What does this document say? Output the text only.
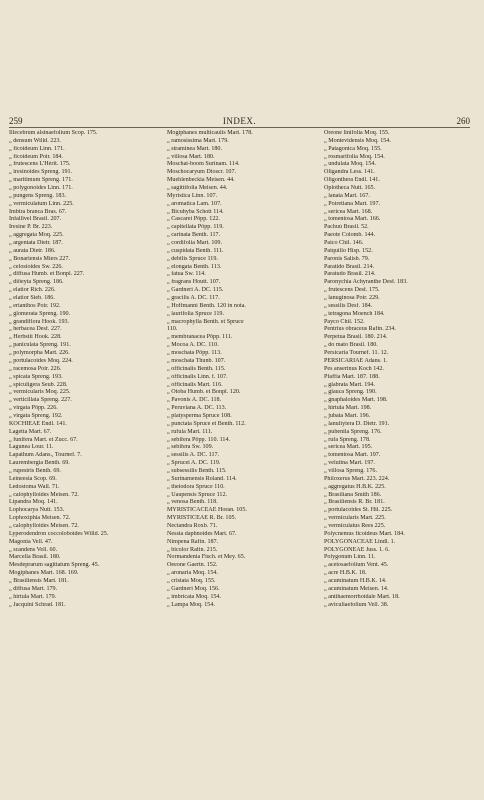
259	INDEX.	260
Illecebrum alsinaefolium Scop. 175.
„ densum Willd. 223.
„ ficoideum Linn. 171.
„ ficoideum Poir. 184.
„ frutescens L'Hérit. 175.
„ iresinoides Spreng. 191.
„ maritimum Spreng. 171.
„ polygonoides Linn. 171.
„ pungens Spreng. 183.
„ vermiculatum Linn. 225.
Imbira branca Bras. 67.
Infallivel Brasil. 207.
Iresine P. Br. 223.
„ aggregata Moq. 225.
„ argentata Dietr. 187.
„ aurata Dietr. 186.
„ Bonariensis Miers 227.
„ celosioides Sw. 226.
„ diffusa Humb. et Bonpl. 227.
„ diöeyta Spreng. 186.
„ elatior Rich. 226.
„ elatior Sieb. 186.
„ erianthos Poir. 192.
„ glomerata Spreng. 190.
„ grandiflora Hook. 193.
„ herbacea Desf. 227.
„ Herbstii Hook. 228.
„ paniculata Spreng. 191.
„ polymorpha Mart. 226.
„ portulacoides Moq. 224.
„ racemosa Poir. 226.
„ spicata Spreng. 193.
„ spiculigera Seub. 228.
„ vermicularis Moq. 225.
„ verticillata Spreng. 227.
„ virgata Pöpp. 226.
„ virgata Spreng. 192.
KOCHIEAE Endl. 141.
Lagetta Mart. 67.
„ funifera Mart. et Zucc. 67.
Lagunea Lour. 11.
Lapathum Adans., Tournef. 7.
Laurembergia Benth. 69.
„ rupestris Benth. 69.
Leineesia Scop. 69.
Ledostoma Wall. 71.
„ calophylloides Meisen. 72.
Lipandra Moq. 141.
Lophocarya Nutt. 153.
Lophoxiphia Meisen. 72.
„ calophylloides Meisen. 72.
Lyperodendron coccoloboides Willd. 25.
Magonia Vell. 47.
„ scandens Vell. 60.
Marcella Brasil. 180.
Mesdeprarum sagittatum Spreng. 45.
Mogiphanes Mart. 168. 169.
„ Brasiliensis Mart. 181.
„ diffusa Mart. 179.
„ hirtula Mart. 179.
„ Jacquini Schrad. 181.
Mogiphanes multicaulis Mart. 178.
„ ramosissima Mart. 179.
„ straminea Mart. 180.
„ villosa Mart. 180.
Moschat-boom Surinam. 114.
Moschocaryum Dioscr. 107.
Muehlenbeckia Meisen. 44.
„ sagittifolia Meisen. 44.
Myristica Linn. 107.
„ aromatica Lam. 107.
„ Bicuhyba Schott 114.
„ Cascarei Pöpp. 122.
„ capitellata Pöpp. 119.
„ carinata Benth. 117.
„ cordifolia Mart. 109.
„ cuspidata Benth. 111.
„ debilis Spruce 119.
„ elongata Benth. 113.
„ fatua Sw. 114.
„ fragrans Houtt. 107.
„ Gardneri A. DC. 115.
„ gracilis A. DC. 117.
„ Hoffmanni Benth. 120 in nota.
„ laurifolia Spruce 119.
„ macrophylla Benth. et Spruce
110.
„ membranacea Pöpp. 111.
„ Mocoa A. DC. 110.
„ moschata Pöpp. 113.
„ moschata Thunb. 107.
„ officinalis Benth. 115.
„ officinalis Linn. f. 107.
„ officinalis Mart. 116.
„ Otoba Humb. et Bonpl. 120.
„ Pavonis A. DC. 118.
„ Peruviana A. DC. 113.
„ platysperma Spruce 108.
„ punctata Spruce et Benth. 112.
„ rufula Mart. 111.
„ sebifera Pöpp. 110. 114.
„ sebifera Sw. 109.
„ sessilis A. DC. 117.
„ Sprucei A. DC. 119.
„ subsessilis Benth. 115.
„ Surinamensis Roland. 114.
„ theiodora Spruce 110.
„ Uaupensis Spruce 112.
„ venosa Benth. 118.
MYRISTICACEAE Horan. 105.
MYRISTICEAE R. Br. 105.
Nectandra Roxb. 71.
Nessia daphnoides Mart. 67.
Nimpena Rafin. 187.
„ bicolor Rafin. 215.
Normandenia Fisch. et Mey. 65.
Oeeone Gaertn. 152.
„ aronaria Moq. 154.
„ cristata Moq. 155.
„ Gardneri Moq. 156.
„ imbricata Moq. 154.
„ Lampa Moq. 154.
Oreone linifolia Moq. 155.
„ Montevidensis Moq. 154.
„ Patagonica Moq. 155.
„ rosmarifolia Moq. 154.
„ undulata Moq. 154.
Oligandra Less. 141.
Oligonthera Endl. 141.
Oplotheca Nutt. 165.
„ lanata Mart. 167.
„ Poiretiana Mart. 197.
„ sericea Mart. 168.
„ tomentosa Mart. 166.
Pachuú Brasil. 52.
Paeote Colomb. 144.
Paico Chil. 146.
Paiquillo Hisp. 152.
Paronis Salisb. 79.
Paratido Brasil. 214.
Paratudo Brasil. 214.
Paronychia Achyranthe Desf. 183.
„ frutescens Desf. 175.
„ lanuginosa Poir. 229.
„ sessilis Desf. 184.
„ tetragona Moench 184.
Payco Chil. 152.
Pentrius obraceus Rafin. 234.
Perpetua Brasil. 180. 214.
„ do mato Brasil. 180.
Persicaria Tournef. 11. 12.
PERSICARIAE Adans. 1.
Pes anserinus Koch 142.
Pfaffia Mart. 187. 188.
„ glabrata Mart. 194.
„ glauca Spreng. 190.
„ gnaphaloides Mart. 198.
„ hirtula Mart. 198.
„ jubata Mart. 196.
„ lanuliyiera D. Dietr. 191.
„ pubenila Spreng. 176.
„ rufa Spreng. 178.
„ sericea Mart. 195.
„ tomentosa Mart. 197.
„ velutina Mart. 197.
„ villosa Spreng. 176.
Philoxerus Mart. 223. 224.
„ aggregatus H.B.K. 225.
„ Brasiliana Smith 186.
„ Brasiliensis R. Br. 181.
„ portulacoides St. Hil. 225.
„ vermicularis Mart. 225.
„ vermiculatus Rees 225.
Polycnemus ficoideus Mart. 184.
POLYGONACEAE Lindl. 1.
POLYGONEAE Juss. 1. 6.
Polygonum Linn. 11.
„ acetosaefolium Vent. 45.
„ acre H.B.K. 18.
„ acuminatum H.B.K. 14.
„ acuminatum Meisen. 14.
„ antihaemorrhoidale Mart. 18.
„ aviculiaefolium Vell. 38.
